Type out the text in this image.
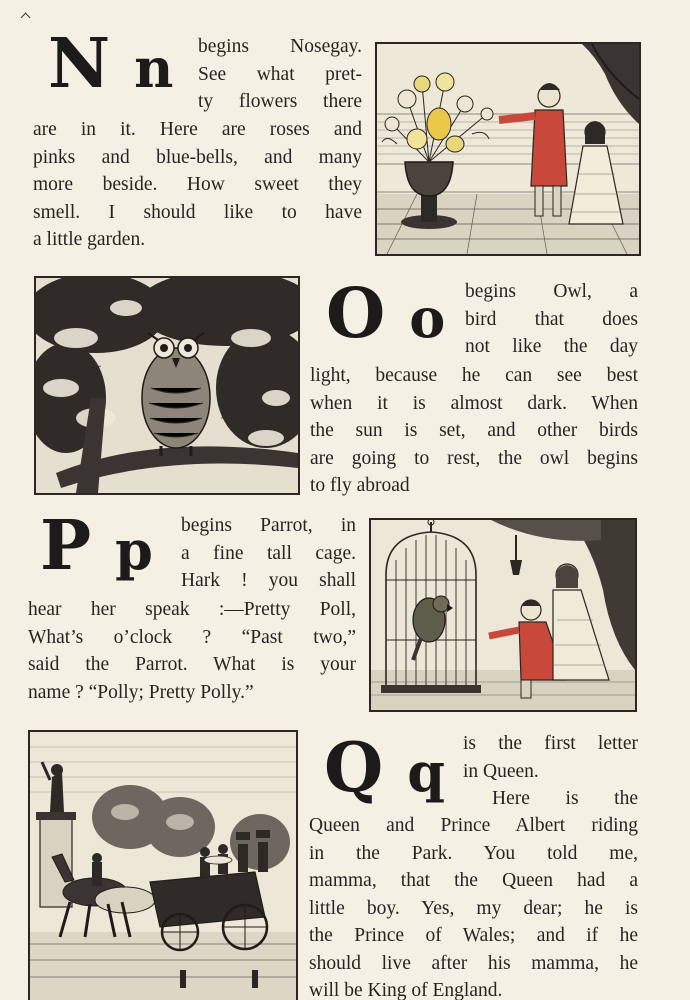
N n begins Nosegay.
See what pret-
ty flowers there
are in it. Here are roses and
pinks and blue-bells, and many
more beside. How sweet they
smell. I should like to have
a little garden.
O o begins Owl, a
bird that does
not like the day
light, because he can see best
when it is almost dark. When
the sun is set, and other birds
are going to rest, the owl begins
to fly abroad
P p begins Parrot, in
a fine tall cage.
Hark ! you shall
hear her speak :—Pretty Poll,
What’s o’clock ? “Past two,”
said the Parrot. What is your
name ? “Polly; Pretty Polly.”
Q q is the first letter
in Queen.
Here is the
Queen and Prince Albert riding
in the Park. You told me,
mamma, that the Queen had a
little boy. Yes, my dear; he is
the Prince of Wales; and if he
should live after his mamma, he
will be King of England.
